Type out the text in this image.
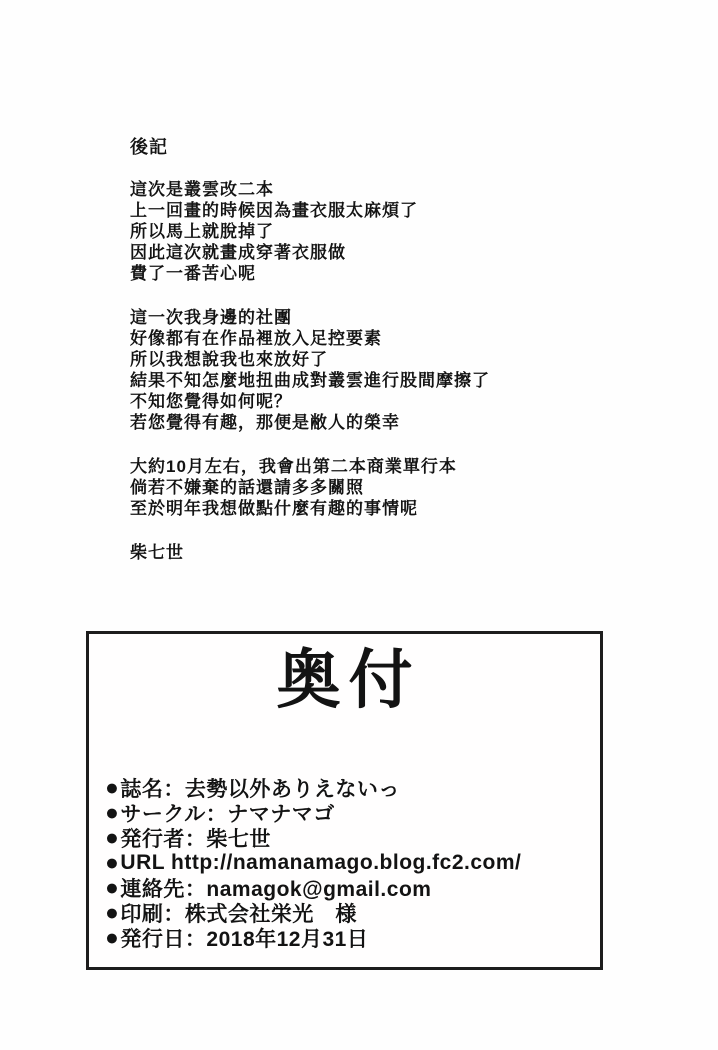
後記
這次是叢雲改二本
上一回畫的時候因為畫衣服太麻煩了
所以馬上就脫掉了
因此這次就畫成穿著衣服做
費了一番苦心呢
這一次我身邊的社團
好像都有在作品裡放入足控要素
所以我想說我也來放好了
結果不知怎麼地扭曲成對叢雲進行股間摩擦了
不知您覺得如何呢？
若您覺得有趣，那便是敝人的榮幸
大約10月左右，我會出第二本商業單行本
倘若不嫌棄的話還請多多關照
至於明年我想做點什麼有趣的事情呢
柴七世
奥付
● 誌名：去勢以外ありえないっ
● サークル：ナマナマゴ
● 発行者：柴七世
● URL http://namanamago.blog.fc2.com/
● 連絡先：namagok@gmail.com
● 印刷：株式会社栄光　様
● 発行日：2018年12月31日
